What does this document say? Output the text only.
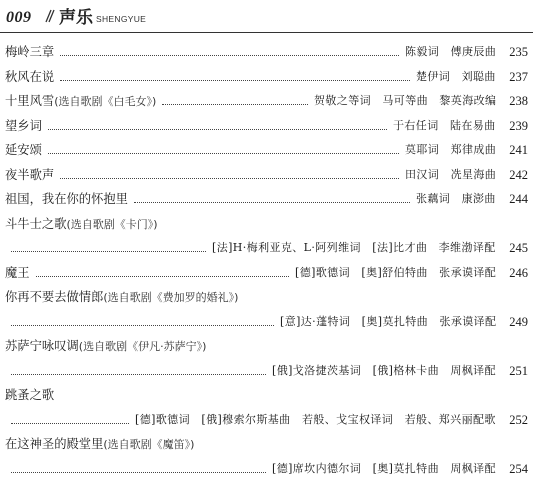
009 声乐 SHENGYUE
梅岭三章	陈毅词　傅庚辰曲 235
秋风在说	楚伊词　刘聪曲 237
十里风雪(选自歌剧《白毛女》)	贺敬之等词　马可等曲　黎英海改编 238
望乡词	于右任词　陆在易曲 239
延安颂	莫耶词　郑律成曲 241
夜半歌声	田汉词　冼星海曲 242
祖国，我在你的怀抱里	张藕词　康澎曲 244
斗牛士之歌(选自歌剧《卡门》)
[法]H·梅利亚克、L·阿列维词　[法]比才曲　李维渤译配 245
魔王	[德]歌德词　[奥]舒伯特曲　张承谟译配 246
你再不要去做情郎(选自歌剧《费加罗的婚礼》)
[意]达·蓬特词　[奥]莫扎特曲　张承谟译配 249
苏萨宁咏叹调(选自歌剧《伊凡·苏萨宁》)
[俄]戈洛捷茨基词　[俄]格林卡曲　周枫译配 251
跳蚤之歌
[德]歌德词　[俄]穆索尔斯基曲　若般、戈宝权译词　若般、郑兴丽配歌 252
在这神圣的殿堂里(选自歌剧《魔笛》)
[德]席坎内德尔词　[奥]莫扎特曲　周枫译配 254
